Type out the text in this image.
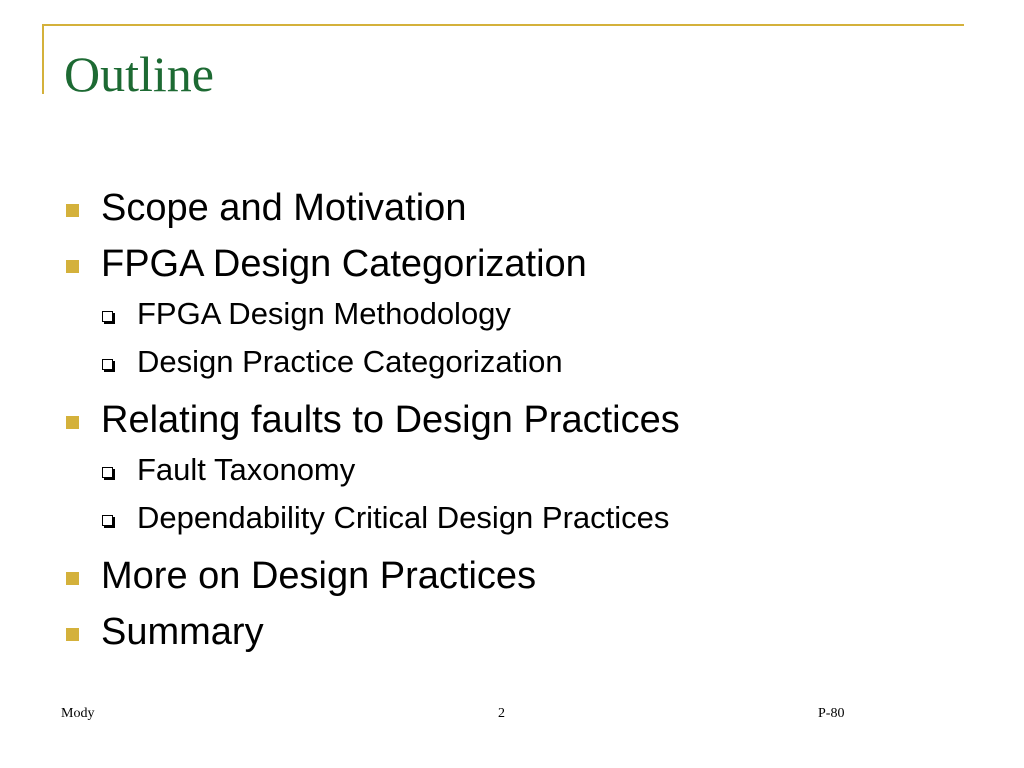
Outline
Scope and Motivation
FPGA Design Categorization
FPGA Design Methodology
Design Practice Categorization
Relating faults to Design Practices
Fault Taxonomy
Dependability Critical Design Practices
More on Design Practices
Summary
Mody	2	P-80
